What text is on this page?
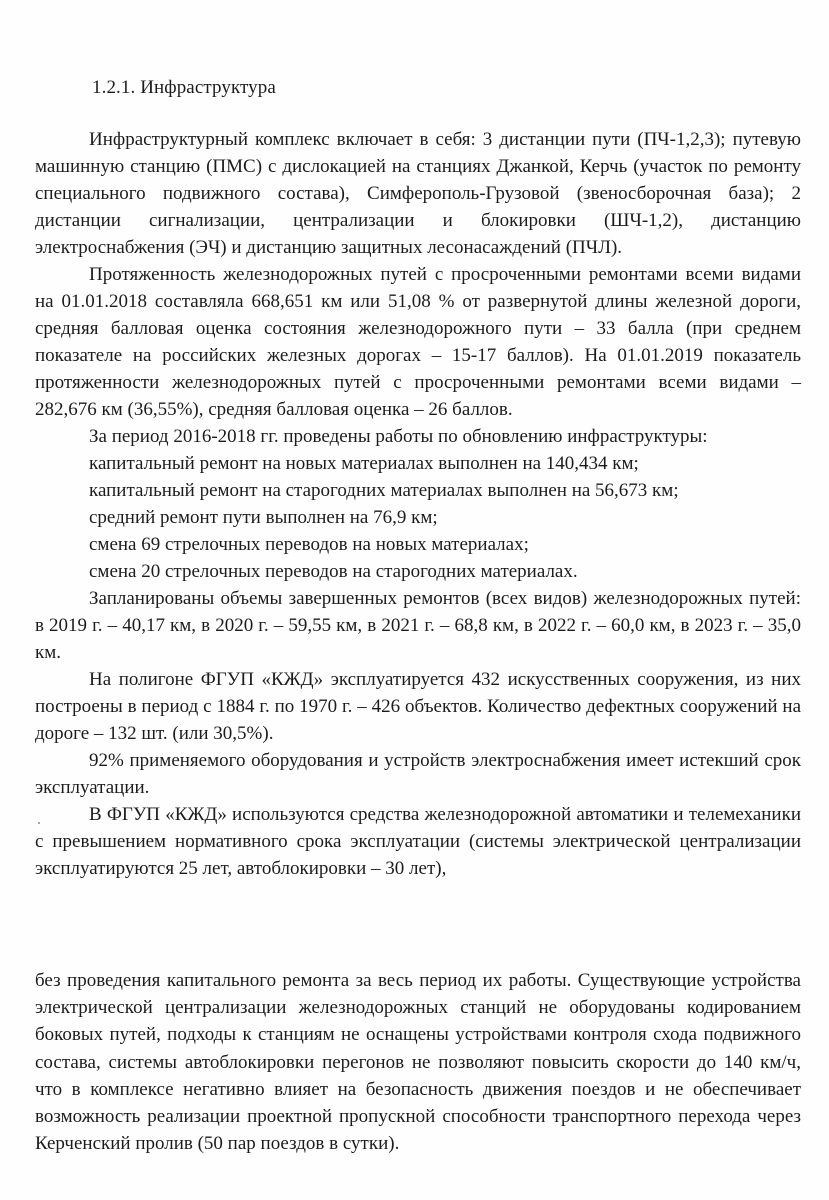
1.2.1. Инфраструктура

Инфраструктурный комплекс включает в себя: 3 дистанции пути (ПЧ-1,2,3); путевую машинную станцию (ПМС) с дислокацией на станциях Джанкой, Керчь (участок по ремонту специального подвижного состава), Симферополь-Грузовой (звеносборочная база); 2 дистанции сигнализации, централизации и блокировки (ШЧ-1,2), дистанцию электроснабжения (ЭЧ) и дистанцию защитных лесонасаждений (ПЧЛ).

Протяженность железнодорожных путей с просроченными ремонтами всеми видами на 01.01.2018 составляла 668,651 км или 51,08 % от развернутой длины железной дороги, средняя балловая оценка состояния железнодорожного пути – 33 балла (при среднем показателе на российских железных дорогах – 15-17 баллов). На 01.01.2019 показатель протяженности железнодорожных путей с просроченными ремонтами всеми видами – 282,676 км (36,55%), средняя балловая оценка – 26 баллов.

За период 2016-2018 гг. проведены работы по обновлению инфраструктуры:

капитальный ремонт на новых материалах выполнен на 140,434 км;

капитальный ремонт на старогодних материалах выполнен на 56,673 км;

средний ремонт пути выполнен на 76,9 км;

смена 69 стрелочных переводов на новых материалах;

смена 20 стрелочных переводов на старогодних материалах.

Запланированы объемы завершенных ремонтов (всех видов) железнодорожных путей: в 2019 г. – 40,17 км, в 2020 г. – 59,55 км, в 2021 г. – 68,8 км, в 2022 г. – 60,0 км, в 2023 г. – 35,0 км.

На полигоне ФГУП «КЖД» эксплуатируется 432 искусственных сооружения, из них построены в период с 1884 г. по 1970 г. – 426 объектов. Количество дефектных сооружений на дороге – 132 шт. (или 30,5%).

92% применяемого оборудования и устройств электроснабжения имеет истекший срок эксплуатации.

В ФГУП «КЖД» используются средства железнодорожной автоматики и телемеханики с превышением нормативного срока эксплуатации (системы электрической централизации эксплуатируются 25 лет, автоблокировки – 30 лет),

без проведения капитального ремонта за весь период их работы. Существующие устройства электрической централизации железнодорожных станций не оборудованы кодированием боковых путей, подходы к станциям не оснащены устройствами контроля схода подвижного состава, системы автоблокировки перегонов не позволяют повысить скорости до 140 км/ч, что в комплексе негативно влияет на безопасность движения поездов и не обеспечивает возможность реализации проектной пропускной способности транспортного перехода через Керченский пролив (50 пар поездов в сутки).
